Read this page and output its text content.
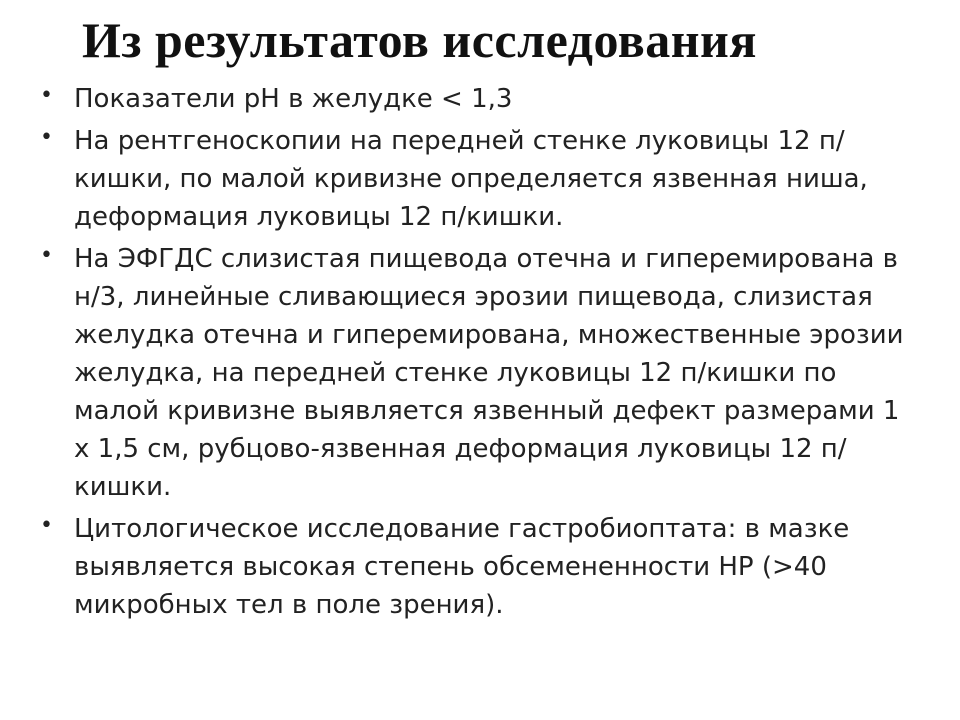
Из результатов исследования
• Показатели рН в желудке < 1,3
• На рентгеноскопии на передней стенке луковицы 12 п/кишки, по малой кривизне определяется язвенная ниша, деформация луковицы 12 п/кишки.
• На ЭФГДС слизистая пищевода отечна и гиперемирована в н/3, линейные сливающиеся эрозии пищевода, слизистая желудка отечна и гиперемирована, множественные эрозии желудка, на передней стенке луковицы 12 п/кишки по малой кривизне выявляется язвенный дефект размерами 1 х 1,5 см, рубцово-язвенная деформация луковицы 12 п/кишки.
• Цитологическое исследование гастробиоптата: в мазке выявляется высокая степень обсемененности НР (>40 микробных тел в поле зрения).
